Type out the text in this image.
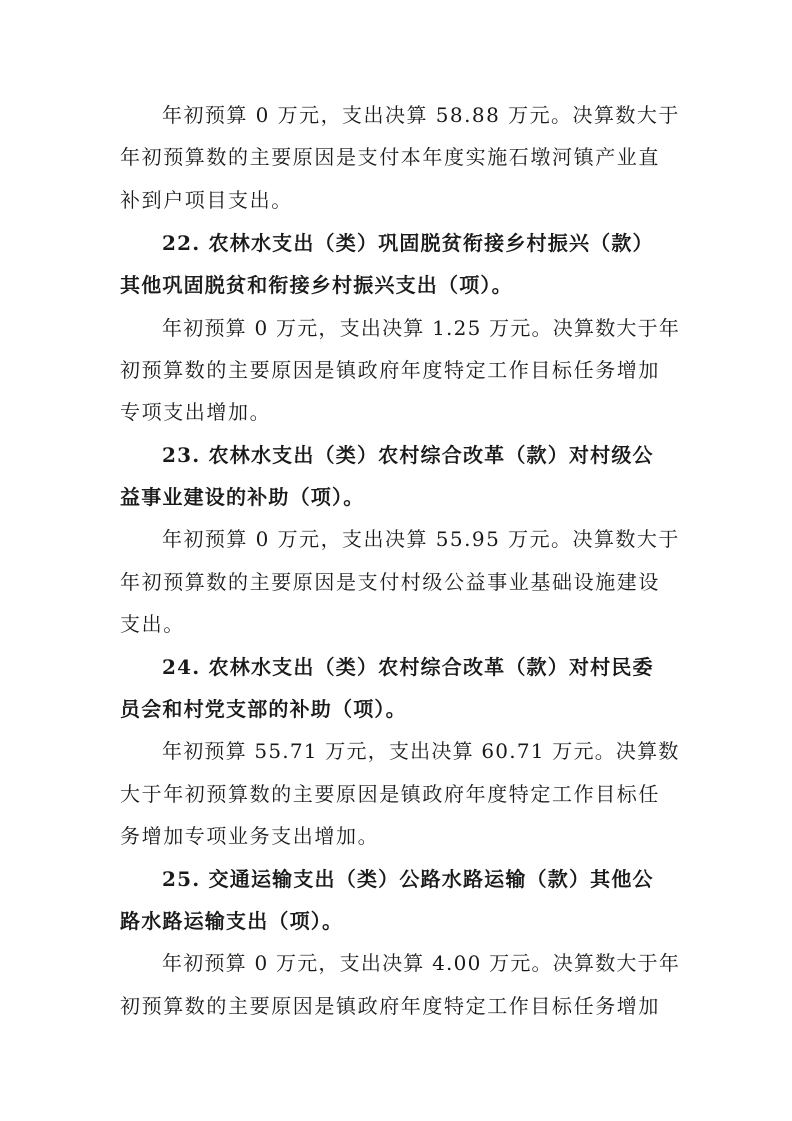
年初预算 0 万元，支出决算 58.88 万元。决算数大于
年初预算数的主要原因是支付本年度实施石墩河镇产业直
补到户项目支出。
22. 农林水支出（类）巩固脱贫衔接乡村振兴（款）
其他巩固脱贫和衔接乡村振兴支出（项）。
年初预算 0 万元，支出决算 1.25 万元。决算数大于年
初预算数的主要原因是镇政府年度特定工作目标任务增加
专项支出增加。
23. 农林水支出（类）农村综合改革（款）对村级公
益事业建设的补助（项）。
年初预算 0 万元，支出决算 55.95 万元。决算数大于
年初预算数的主要原因是支付村级公益事业基础设施建设
支出。
24. 农林水支出（类）农村综合改革（款）对村民委
员会和村党支部的补助（项）。
年初预算 55.71 万元，支出决算 60.71 万元。决算数
大于年初预算数的主要原因是镇政府年度特定工作目标任
务增加专项业务支出增加。
25. 交通运输支出（类）公路水路运输（款）其他公
路水路运输支出（项）。
年初预算 0 万元，支出决算 4.00 万元。决算数大于年
初预算数的主要原因是镇政府年度特定工作目标任务增加
